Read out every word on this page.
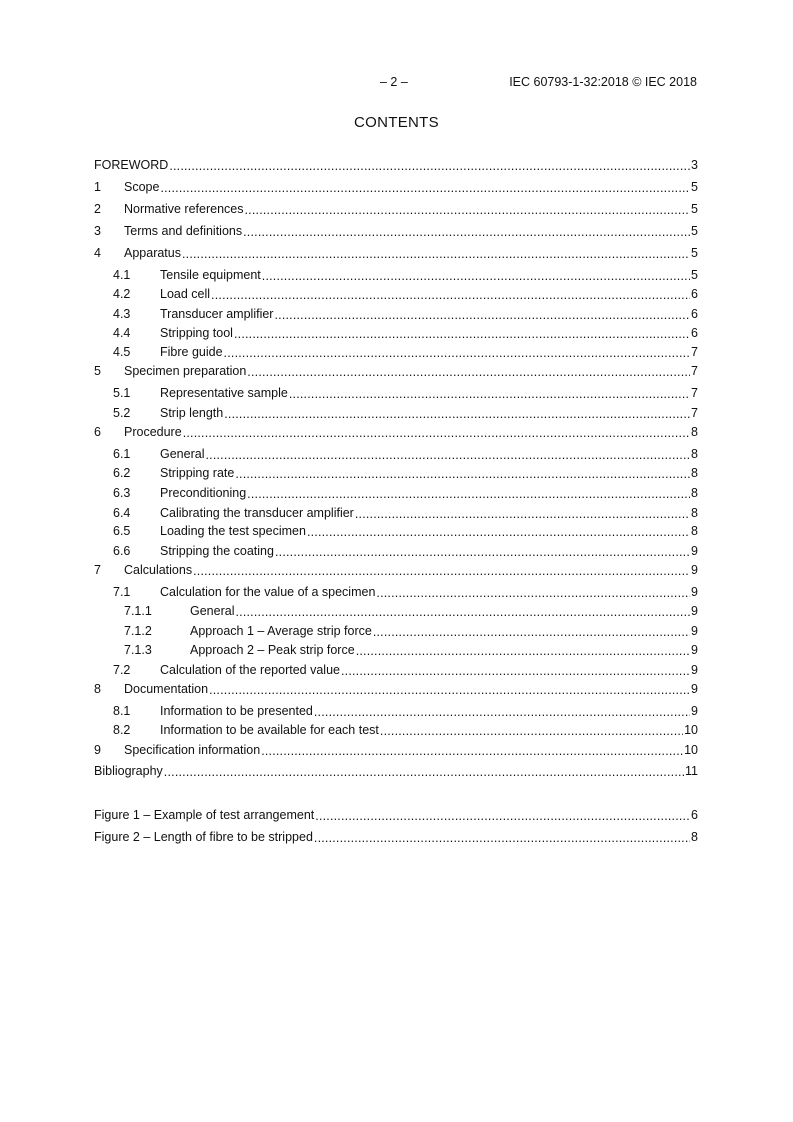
– 2 –	IEC 60793-1-32:2018 © IEC 2018
CONTENTS
FOREWORD .....	3
1	Scope .....	5
2	Normative references .....	5
3	Terms and definitions .....	5
4	Apparatus .....	5
4.1	Tensile equipment .....	5
4.2	Load cell .....	6
4.3	Transducer amplifier .....	6
4.4	Stripping tool .....	6
4.5	Fibre guide .....	7
5	Specimen preparation .....	7
5.1	Representative sample .....	7
5.2	Strip length .....	7
6	Procedure .....	8
6.1	General .....	8
6.2	Stripping rate .....	8
6.3	Preconditioning .....	8
6.4	Calibrating the transducer amplifier .....	8
6.5	Loading the test specimen .....	8
6.6	Stripping the coating .....	9
7	Calculations .....	9
7.1	Calculation for the value of a specimen .....	9
7.1.1	General .....	9
7.1.2	Approach 1 – Average strip force .....	9
7.1.3	Approach 2 – Peak strip force .....	9
7.2	Calculation of the reported value .....	9
8	Documentation .....	9
8.1	Information to be presented .....	9
8.2	Information to be available for each test .....	10
9	Specification information .....	10
Bibliography .....	11
Figure 1 – Example of test arrangement .....	6
Figure 2 – Length of fibre to be stripped .....	8
